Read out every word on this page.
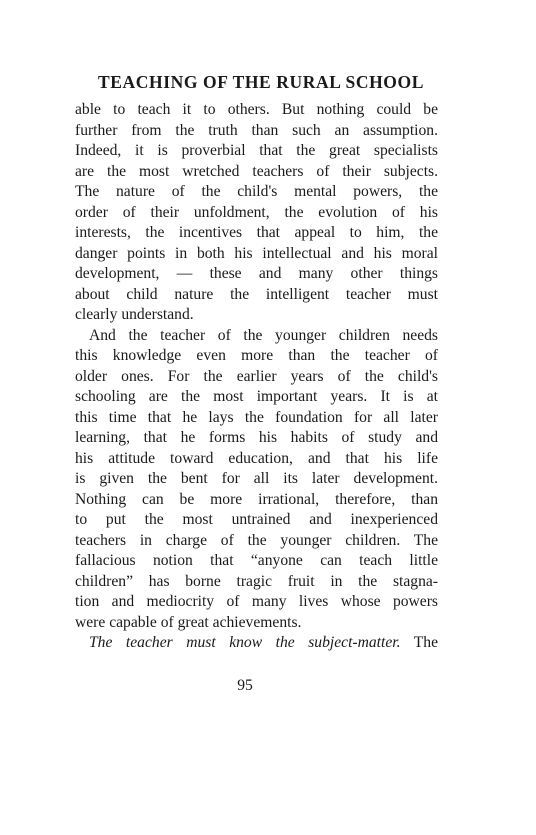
TEACHING OF THE RURAL SCHOOL
able to teach it to others. But nothing could be
further from the truth than such an assumption.
Indeed, it is proverbial that the great specialists
are the most wretched teachers of their subjects.
The nature of the child's mental powers, the
order of their unfoldment, the evolution of his
interests, the incentives that appeal to him, the
danger points in both his intellectual and his moral
development, — these and many other things
about child nature the intelligent teacher must
clearly understand.
And the teacher of the younger children needs
this knowledge even more than the teacher of
older ones. For the earlier years of the child's
schooling are the most important years. It is at
this time that he lays the foundation for all later
learning, that he forms his habits of study and
his attitude toward education, and that his life
is given the bent for all its later development.
Nothing can be more irrational, therefore, than
to put the most untrained and inexperienced
teachers in charge of the younger children. The
fallacious notion that “anyone can teach little
children” has borne tragic fruit in the stagna-
tion and mediocrity of many lives whose powers
were capable of great achievements.
The teacher must know the subject-matter. The
95
